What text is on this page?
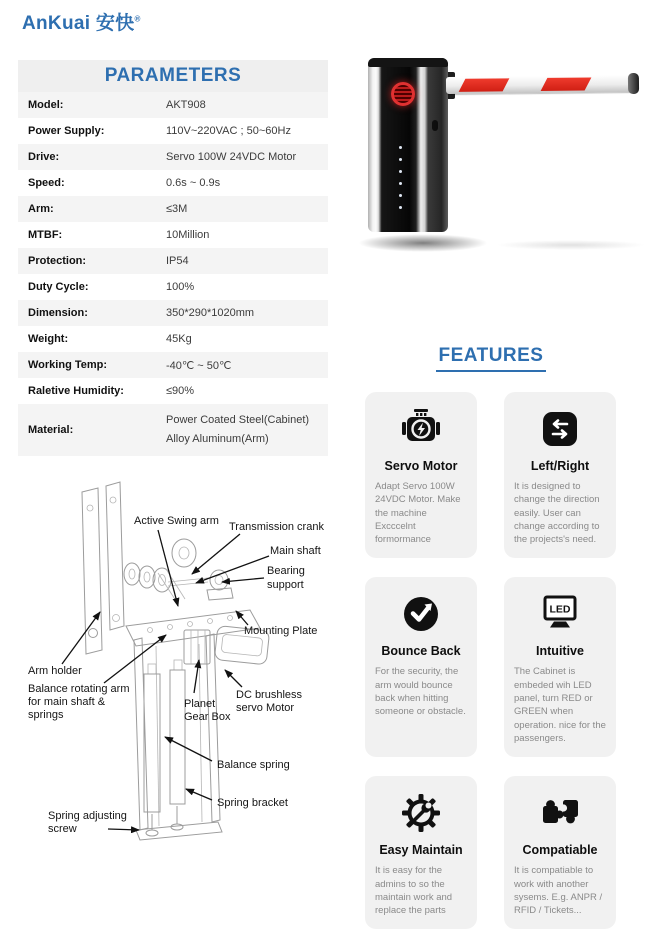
AnKuai 安快®
PARAMETERS
Model:	AKT908
Power Supply:	110V~220VAC ; 50~60Hz
Drive:	Servo 100W 24VDC Motor
Speed:	0.6s ~ 0.9s
Arm:	≤3M
MTBF:	10Million
Protection:	IP54
Duty Cycle:	100%
Dimension:	350*290*1020mm
Weight:	45Kg
Working Temp:	-40℃ ~ 50℃
Raletive Humidity:	≤90%
Material:
Power Coated Steel(Cabinet)
Alloy Aluminum(Arm)
FEATURES
Servo Motor
Adapt Servo 100W 24VDC Motor. Make the machine Excccelnt formormance
Left/Right
It is designed to change the direction easily. User can change according to the projects's need.
Bounce Back
For the security, the arm would bounce back when hitting someone or obstacle.
LED
Intuitive
The Cabinet is embeded wih LED panel, turn RED or GREEN when operation. nice for the passengers.
Easy Maintain
It is easy for the admins to so the maintain work and replace the parts
Compatiable
It is compatiable to work with another sysems. E.g. ANPR / RFID / Tickets...
Active Swing arm Transmission crank
Main shaft
Bearing
support
Mounting Plate
Arm holder
Balance rotating arm
for main shaft &
springs
Planet
Gear Box
DC brushless
servo Motor
Balance spring
Spring bracket
Spring adjusting
screw
